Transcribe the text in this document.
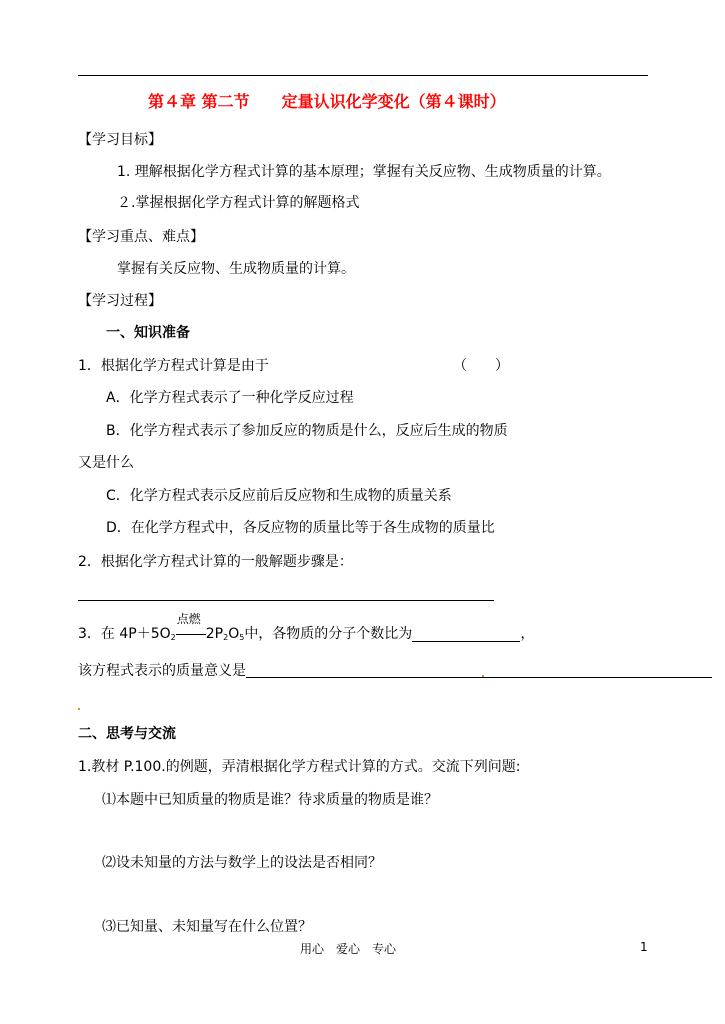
第４章 第二节　　定量认识化学变化（第４课时）
【学习目标】
1. 理解根据化学方程式计算的基本原理；掌握有关反应物、生成物质量的计算。
２.掌握根据化学方程式计算的解题格式
【学习重点、难点】
掌握有关反应物、生成物质量的计算。
【学习过程】
一、知识准备
1．根据化学方程式计算是由于	（　　）
A．化学方程式表示了一种化学反应过程
B．化学方程式表示了参加反应的物质是什么，反应后生成的物质
又是什么
C．化学方程式表示反应前后反应物和生成物的质量关系
D．在化学方程式中，各反应物的质量比等于各生成物的质量比
2．根据化学方程式计算的一般解题步骤是：
3．在 $4P+5O_2$
点燃
$2P_2O_5$中，各物质的分子个数比为	，
该方程式表示的质量意义是
二、思考与交流
1.教材 P.100.的例题，弄清根据化学方程式计算的方式。交流下列问题:
⑴本题中已知质量的物质是谁？待求质量的物质是谁？
⑵设未知量的方法与数学上的设法是否相同？
⑶已知量、未知量写在什么位置？
用心　爱心　专心	1
